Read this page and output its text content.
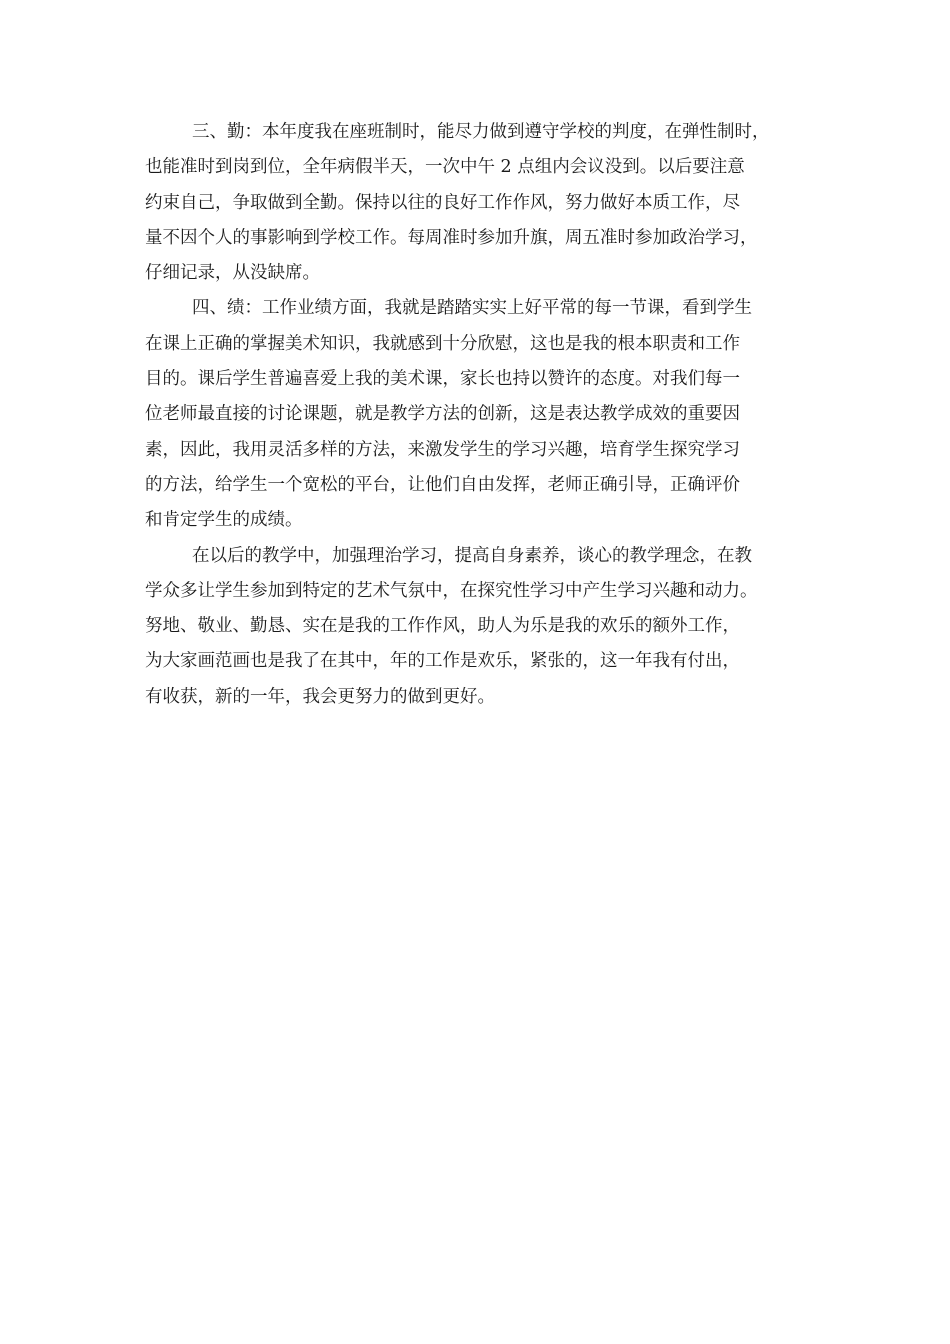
三、勤：本年度我在座班制时，能尽力做到遵守学校的判度，在弹性制时，
也能准时到岗到位，全年病假半天，一次中午 2 点组内会议没到。以后要注意
约束自己，争取做到全勤。保持以往的良好工作作风，努力做好本质工作，尽
量不因个人的事影响到学校工作。每周准时参加升旗，周五准时参加政治学习，
仔细记录，从没缺席。
四、绩：工作业绩方面，我就是踏踏实实上好平常的每一节课，看到学生
在课上正确的掌握美术知识，我就感到十分欣慰，这也是我的根本职责和工作
目的。课后学生普遍喜爱上我的美术课，家长也持以赞许的态度。对我们每一
位老师最直接的讨论课题，就是教学方法的创新，这是表达教学成效的重要因
素，因此，我用灵活多样的方法，来激发学生的学习兴趣，培育学生探究学习
的方法，给学生一个宽松的平台，让他们自由发挥，老师正确引导，正确评价
和肯定学生的成绩。
在以后的教学中，加强理治学习，提高自身素养，谈心的教学理念，在教
学众多让学生参加到特定的艺术气氛中，在探究性学习中产生学习兴趣和动力。
努地、敬业、勤恳、实在是我的工作作风，助人为乐是我的欢乐的额外工作，
为大家画范画也是我了在其中，年的工作是欢乐，紧张的，这一年我有付出，
有收获，新的一年，我会更努力的做到更好。
